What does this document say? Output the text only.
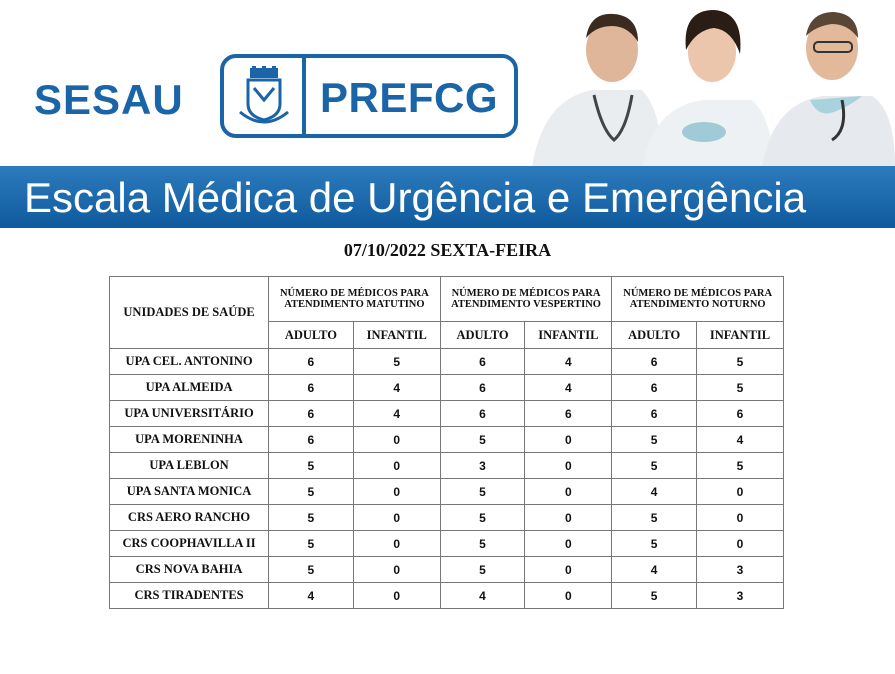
SESAU	PREFCG
Escala Médica de Urgência e Emergência
07/10/2022 SEXTA-FEIRA
UNIDADES DE SAÚDE	NÚMERO DE MÉDICOS PARA ATENDIMENTO MATUTINO		NÚMERO DE MÉDICOS PARA ATENDIMENTO VESPERTINO		NÚMERO DE MÉDICOS PARA ATENDIMENTO NOTURNO	
	ADULTO	INFANTIL	ADULTO	INFANTIL	ADULTO	INFANTIL
UPA CEL. ANTONINO	6	5	6	4	6	5
UPA ALMEIDA	6	4	6	4	6	5
UPA UNIVERSITÁRIO	6	4	6	6	6	6
UPA MORENINHA	6	0	5	0	5	4
UPA LEBLON	5	0	3	0	5	5
UPA SANTA MONICA	5	0	5	0	4	0
CRS AERO RANCHO	5	0	5	0	5	0
CRS COOPHAVILLA II	5	0	5	0	5	0
CRS NOVA BAHIA	5	0	5	0	4	3
CRS TIRADENTES	4	0	4	0	5	3
